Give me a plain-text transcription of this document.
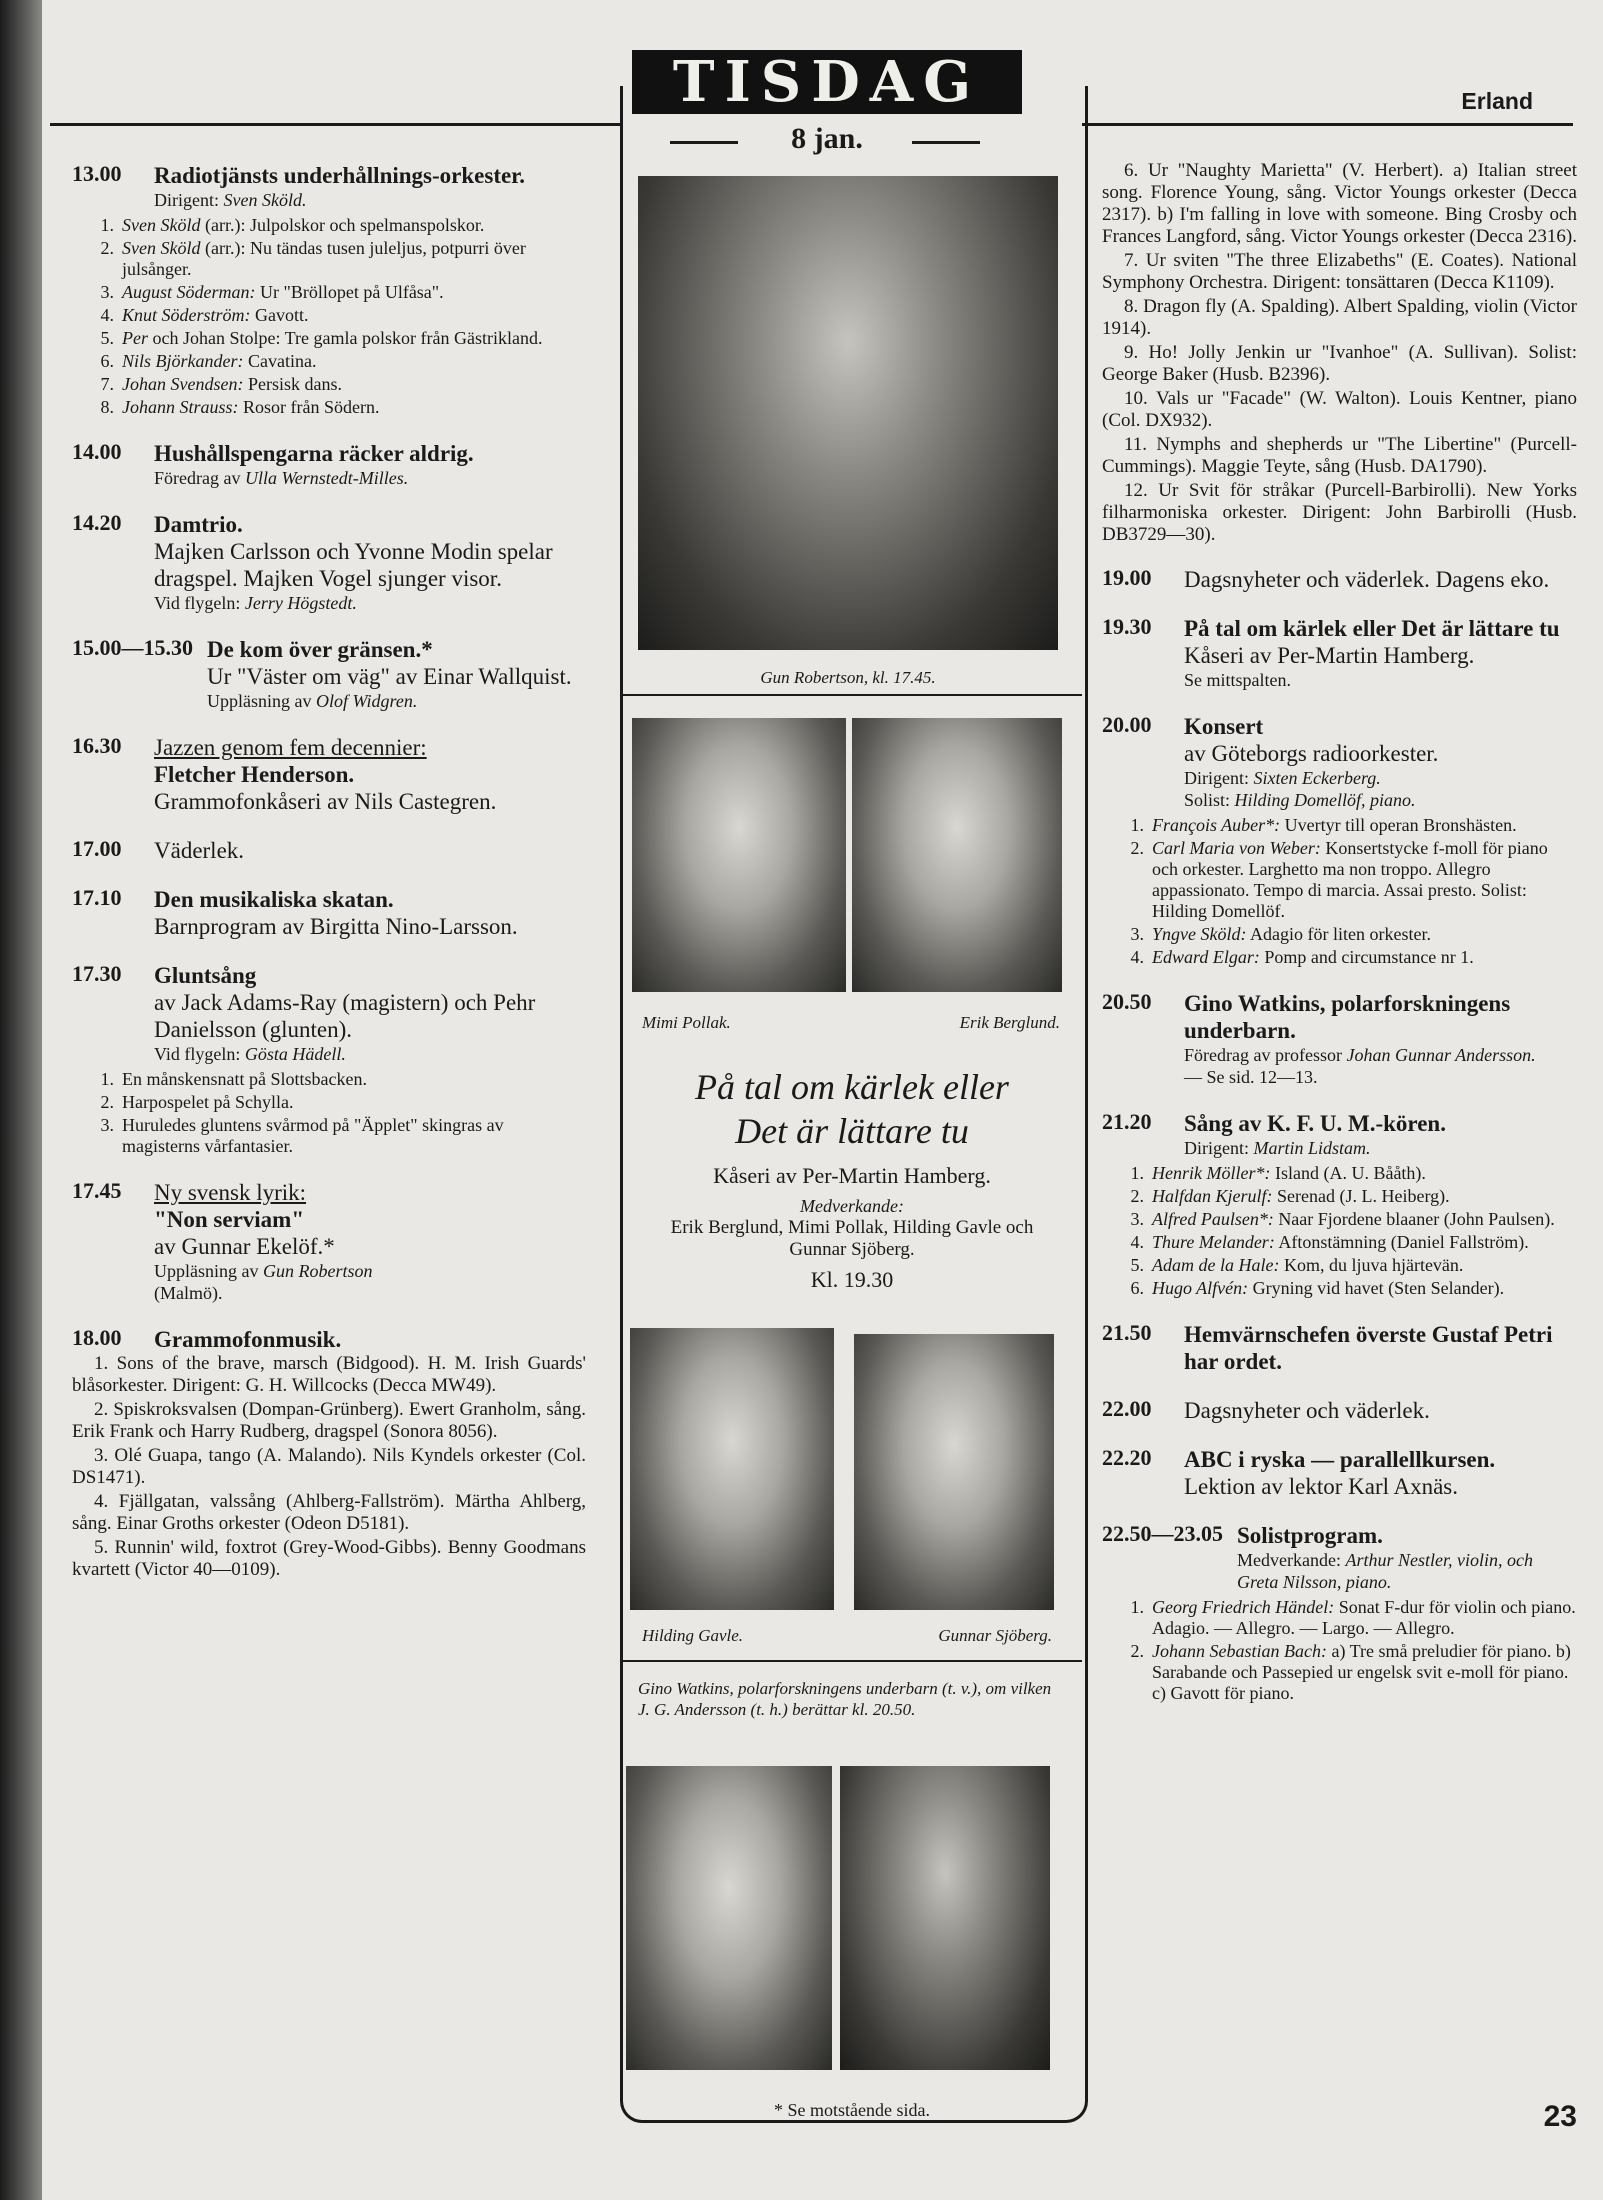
Erland
TISDAG
8 jan.
13.00	Radiotjänsts underhållnings-orkester.
Dirigent: Sven Sköld.
1. Sven Sköld (arr.): Julpolskor och spelmanspolskor.
2. Sven Sköld (arr.): Nu tändas tusen juleljus, potpurri över julsånger.
3. August Söderman: Ur "Bröllopet på Ulfåsa".
4. Knut Söderström: Gavott.
5. Per och Johan Stolpe: Tre gamla polskor från Gästrikland.
6. Nils Björkander: Cavatina.
7. Johan Svendsen: Persisk dans.
8. Johann Strauss: Rosor från Södern.
14.00	Hushållspengarna räcker aldrig.
Föredrag av Ulla Wernstedt-Milles.
14.20	Damtrio.
Majken Carlsson och Yvonne Modin spelar dragspel. Majken Vogel sjunger visor.
Vid flygeln: Jerry Högstedt.
15.00—15.30 De kom över gränsen.*
Ur "Väster om väg" av Einar Wallquist.
Uppläsning av Olof Widgren.
16.30	Jazzen genom fem decennier:
Fletcher Henderson.
Grammofonkåseri av Nils Castegren.
17.00	Väderlek.
17.10	Den musikaliska skatan.
Barnprogram av Birgitta Nino-Larsson.
17.30	Gluntsång
av Jack Adams-Ray (magistern) och Pehr Danielsson (glunten).
Vid flygeln: Gösta Hädell.
1. En månskensnatt på Slottsbacken.
2. Harpospelet på Schylla.
3. Huruledes gluntens svårmod på "Äpplet" skingras av magisterns vårfantasier.
17.45	Ny svensk lyrik:
"Non serviam"
av Gunnar Ekelöf.*
Uppläsning av Gun Robertson
(Malmö).
18.00	Grammofonmusik.

1. Sons of the brave, marsch (Bidgood). H. M. Irish Guards' blåsorkester. Dirigent: G. H. Willcocks (Decca MW49).

2. Spiskroksvalsen (Dompan-Grünberg). Ewert Granholm, sång. Erik Frank och Harry Rudberg, dragspel (Sonora 8056).

3. Olé Guapa, tango (A. Malando). Nils Kyndels orkester (Col. DS1471).

4. Fjällgatan, valssång (Ahlberg-Fallström). Märtha Ahlberg, sång. Einar Groths orkester (Odeon D5181).

5. Runnin' wild, foxtrot (Grey-Wood-Gibbs). Benny Goodmans kvartett (Victor 40—0109).

Gun Robertson, kl. 17.45.
Mimi Pollak.	Erik Berglund.
På tal om kärlek eller
Det är lättare tu
Kåseri av Per-Martin Hamberg.
Medverkande:
Erik Berglund, Mimi Pollak, Hilding Gavle och Gunnar Sjöberg.
Kl. 19.30
Hilding Gavle.	Gunnar Sjöberg.
Gino Watkins, polarforskningens underbarn (t. v.), om vilken J. G. Andersson (t. h.) berättar kl. 20.50.
* Se motstående sida.

6. Ur "Naughty Marietta" (V. Herbert). a) Italian street song. Florence Young, sång. Victor Youngs orkester (Decca 2317). b) I'm falling in love with someone. Bing Crosby och Frances Langford, sång. Victor Youngs orkester (Decca 2316).

7. Ur sviten "The three Elizabeths" (E. Coates). National Symphony Orchestra. Dirigent: tonsättaren (Decca K1109).

8. Dragon fly (A. Spalding). Albert Spalding, violin (Victor 1914).

9. Ho! Jolly Jenkin ur "Ivanhoe" (A. Sullivan). Solist: George Baker (Husb. B2396).

10. Vals ur "Facade" (W. Walton). Louis Kentner, piano (Col. DX932).

11. Nymphs and shepherds ur "The Libertine" (Purcell-Cummings). Maggie Teyte, sång (Husb. DA1790).

12. Ur Svit för stråkar (Purcell-Barbirolli). New Yorks filharmoniska orkester. Dirigent: John Barbirolli (Husb. DB3729—30).

19.00	Dagsnyheter och väderlek. Dagens eko.
19.30	På tal om kärlek eller Det är lättare tu
Kåseri av Per-Martin Hamberg.
Se mittspalten.
20.00	Konsert
av Göteborgs radioorkester.
Dirigent: Sixten Eckerberg.
Solist: Hilding Domellöf, piano.
1. François Auber*: Uvertyr till operan Bronshästen.
2. Carl Maria von Weber: Konsertstycke f-moll för piano och orkester. Larghetto ma non troppo. Allegro appassionato. Tempo di marcia. Assai presto. Solist: Hilding Domellöf.
3. Yngve Sköld: Adagio för liten orkester.
4. Edward Elgar: Pomp and circumstance nr 1.
20.50	Gino Watkins, polarforskningens underbarn.
Föredrag av professor Johan Gunnar Andersson.
— Se sid. 12—13.
21.20	Sång av K. F. U. M.-kören.
Dirigent: Martin Lidstam.
1. Henrik Möller*: Island (A. U. Bååth).
2. Halfdan Kjerulf: Serenad (J. L. Heiberg).
3. Alfred Paulsen*: Naar Fjordene blaaner (John Paulsen).
4. Thure Melander: Aftonstämning (Daniel Fallström).
5. Adam de la Hale: Kom, du ljuva hjärtevän.
6. Hugo Alfvén: Gryning vid havet (Sten Selander).
21.50	Hemvärnschefen överste Gustaf Petri har ordet.
22.00	Dagsnyheter och väderlek.
22.20	ABC i ryska — parallellkursen.
Lektion av lektor Karl Axnäs.
22.50—23.05 Solistprogram.
Medverkande: Arthur Nestler, violin, och Greta Nilsson, piano.
1. Georg Friedrich Händel: Sonat F-dur för violin och piano. Adagio. — Allegro. — Largo. — Allegro.
2. Johann Sebastian Bach: a) Tre små preludier för piano. b) Sarabande och Passepied ur engelsk svit e-moll för piano. c) Gavott för piano.
23
